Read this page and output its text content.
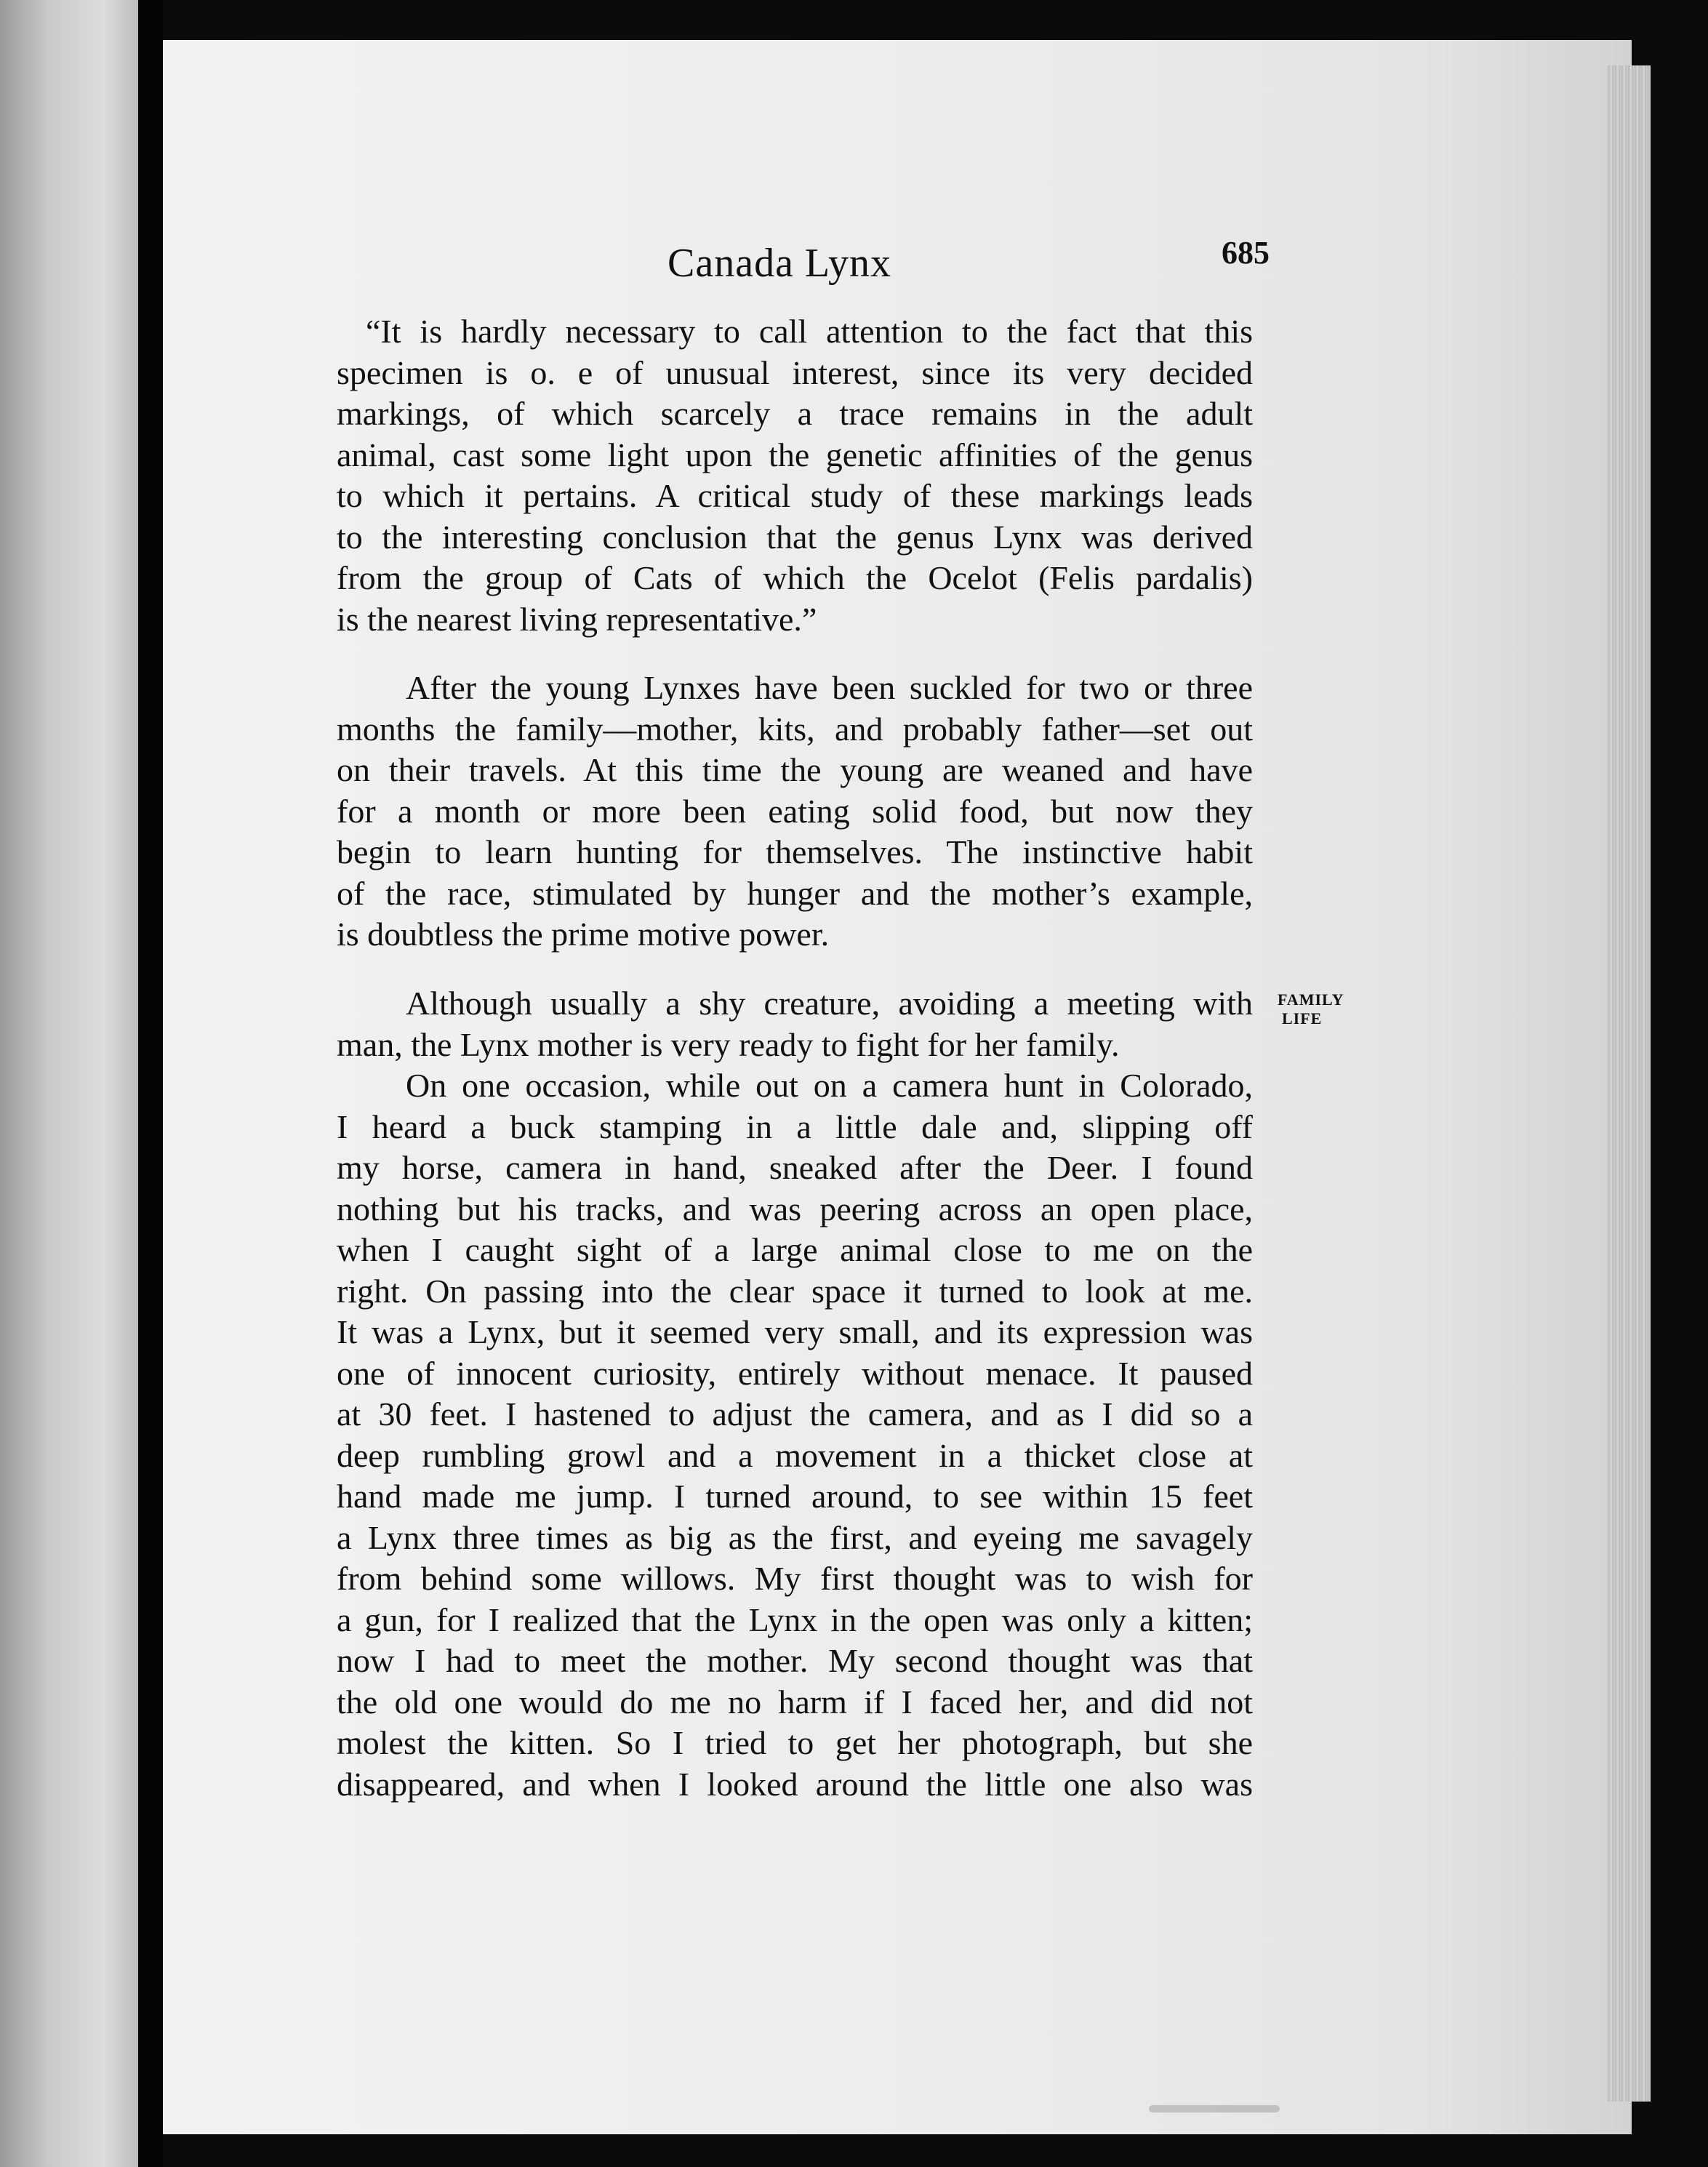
Canada Lynx	685
“It is hardly necessary to call attention to the fact that this
specimen is o. e of unusual interest, since its very decided
markings, of which scarcely a trace remains in the adult
animal, cast some light upon the genetic affinities of the genus
to which it pertains. A critical study of these markings leads
to the interesting conclusion that the genus Lynx was derived
from the group of Cats of which the Ocelot (Felis pardalis)
is the nearest living representative.”
After the young Lynxes have been suckled for two or three
months the family—mother, kits, and probably father—set out
on their travels. At this time the young are weaned and have
for a month or more been eating solid food, but now they
begin to learn hunting for themselves. The instinctive habit
of the race, stimulated by hunger and the mother’s example,
is doubtless the prime motive power.
Although usually a shy creature, avoiding a meeting with
man, the Lynx mother is very ready to fight for her family.
FAMILY
LIFE
On one occasion, while out on a camera hunt in Colorado,
I heard a buck stamping in a little dale and, slipping off
my horse, camera in hand, sneaked after the Deer. I found
nothing but his tracks, and was peering across an open place,
when I caught sight of a large animal close to me on the
right. On passing into the clear space it turned to look at me.
It was a Lynx, but it seemed very small, and its expression was
one of innocent curiosity, entirely without menace. It paused
at 30 feet. I hastened to adjust the camera, and as I did so a
deep rumbling growl and a movement in a thicket close at
hand made me jump. I turned around, to see within 15 feet
a Lynx three times as big as the first, and eyeing me savagely
from behind some willows. My first thought was to wish for
a gun, for I realized that the Lynx in the open was only a kitten;
now I had to meet the mother. My second thought was that
the old one would do me no harm if I faced her, and did not
molest the kitten. So I tried to get her photograph, but she
disappeared, and when I looked around the little one also was
